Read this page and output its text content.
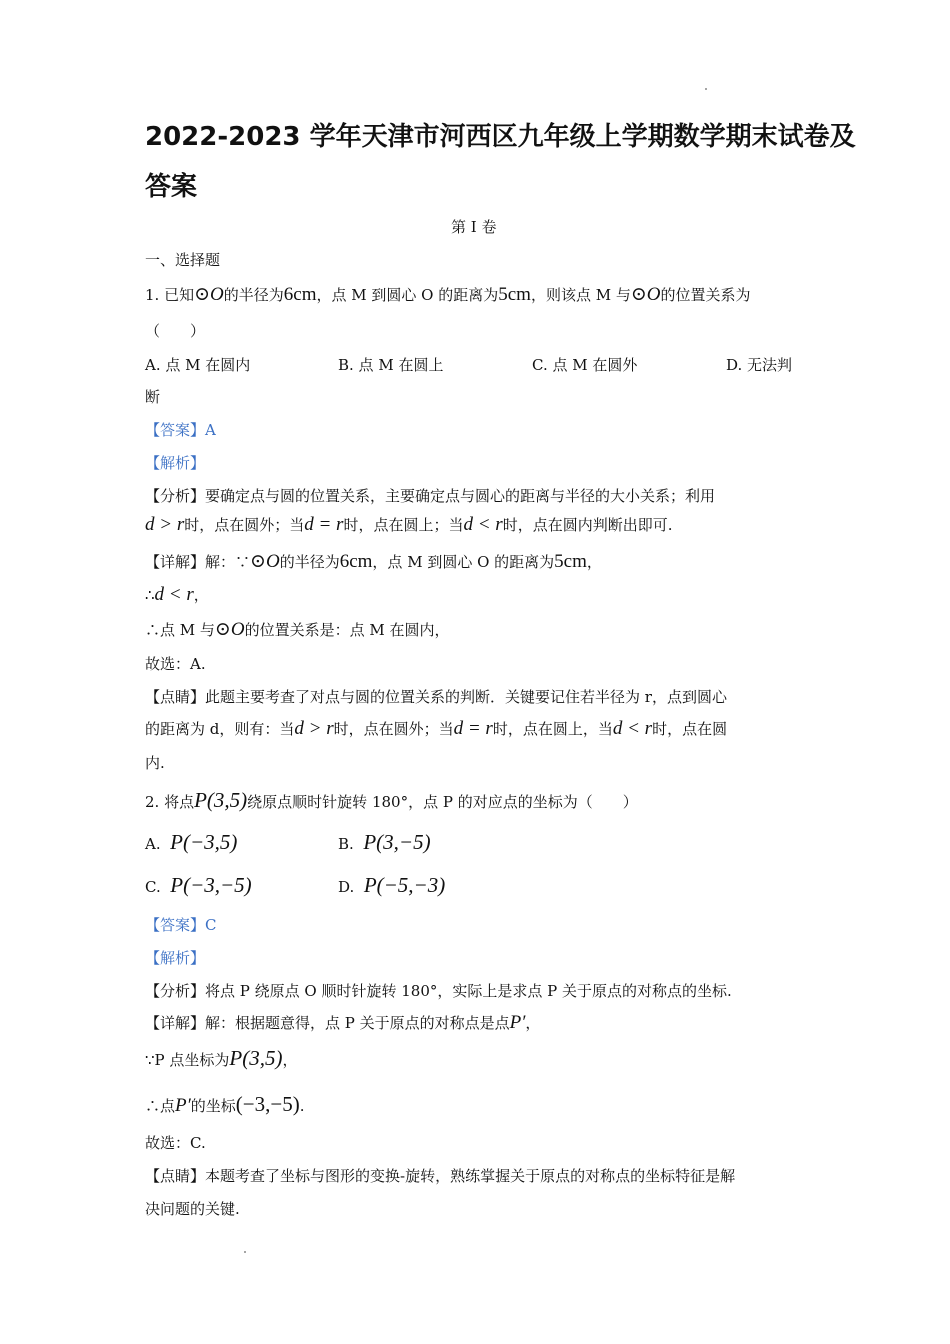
2022-2023 学年天津市河西区九年级上学期数学期末试卷及
答案
第 I 卷
一、选择题
1. 已知⊙O的半径为6cm，点 M 到圆心 O 的距离为5cm，则该点 M 与⊙O的位置关系为
（　　）
A. 点 M 在圆内	B. 点 M 在圆上	C. 点 M 在圆外	D. 无法判
断
【答案】A
【解析】
【分析】要确定点与圆的位置关系，主要确定点与圆心的距离与半径的大小关系；利用
d > r时，点在圆外；当d = r时，点在圆上；当d < r时，点在圆内判断出即可.
【详解】解：∵⊙O的半径为6cm，点 M 到圆心 O 的距离为5cm，
∴d < r，
∴点 M 与⊙O的位置关系是：点 M 在圆内，
故选：A.
【点睛】此题主要考查了对点与圆的位置关系的判断．关键要记住若半径为 r，点到圆心
的距离为 d，则有：当d > r时，点在圆外；当d = r时，点在圆上，当d < r时，点在圆
内.
2. 将点P(3,5)绕原点顺时针旋转 180°，点 P 的对应点的坐标为（　　）
A. P(−3,5)	B. P(3,−5)
C. P(−3,−5)	D. P(−5,−3)
【答案】C
【解析】
【分析】将点 P 绕原点 O 顺时针旋转 180°，实际上是求点 P 关于原点的对称点的坐标.
【详解】解：根据题意得，点 P 关于原点的对称点是点P′，
∵P 点坐标为P(3,5)，
∴点P′的坐标(−3,−5).
故选：C.
【点睛】本题考查了坐标与图形的变换-旋转，熟练掌握关于原点的对称点的坐标特征是解
决问题的关键.
